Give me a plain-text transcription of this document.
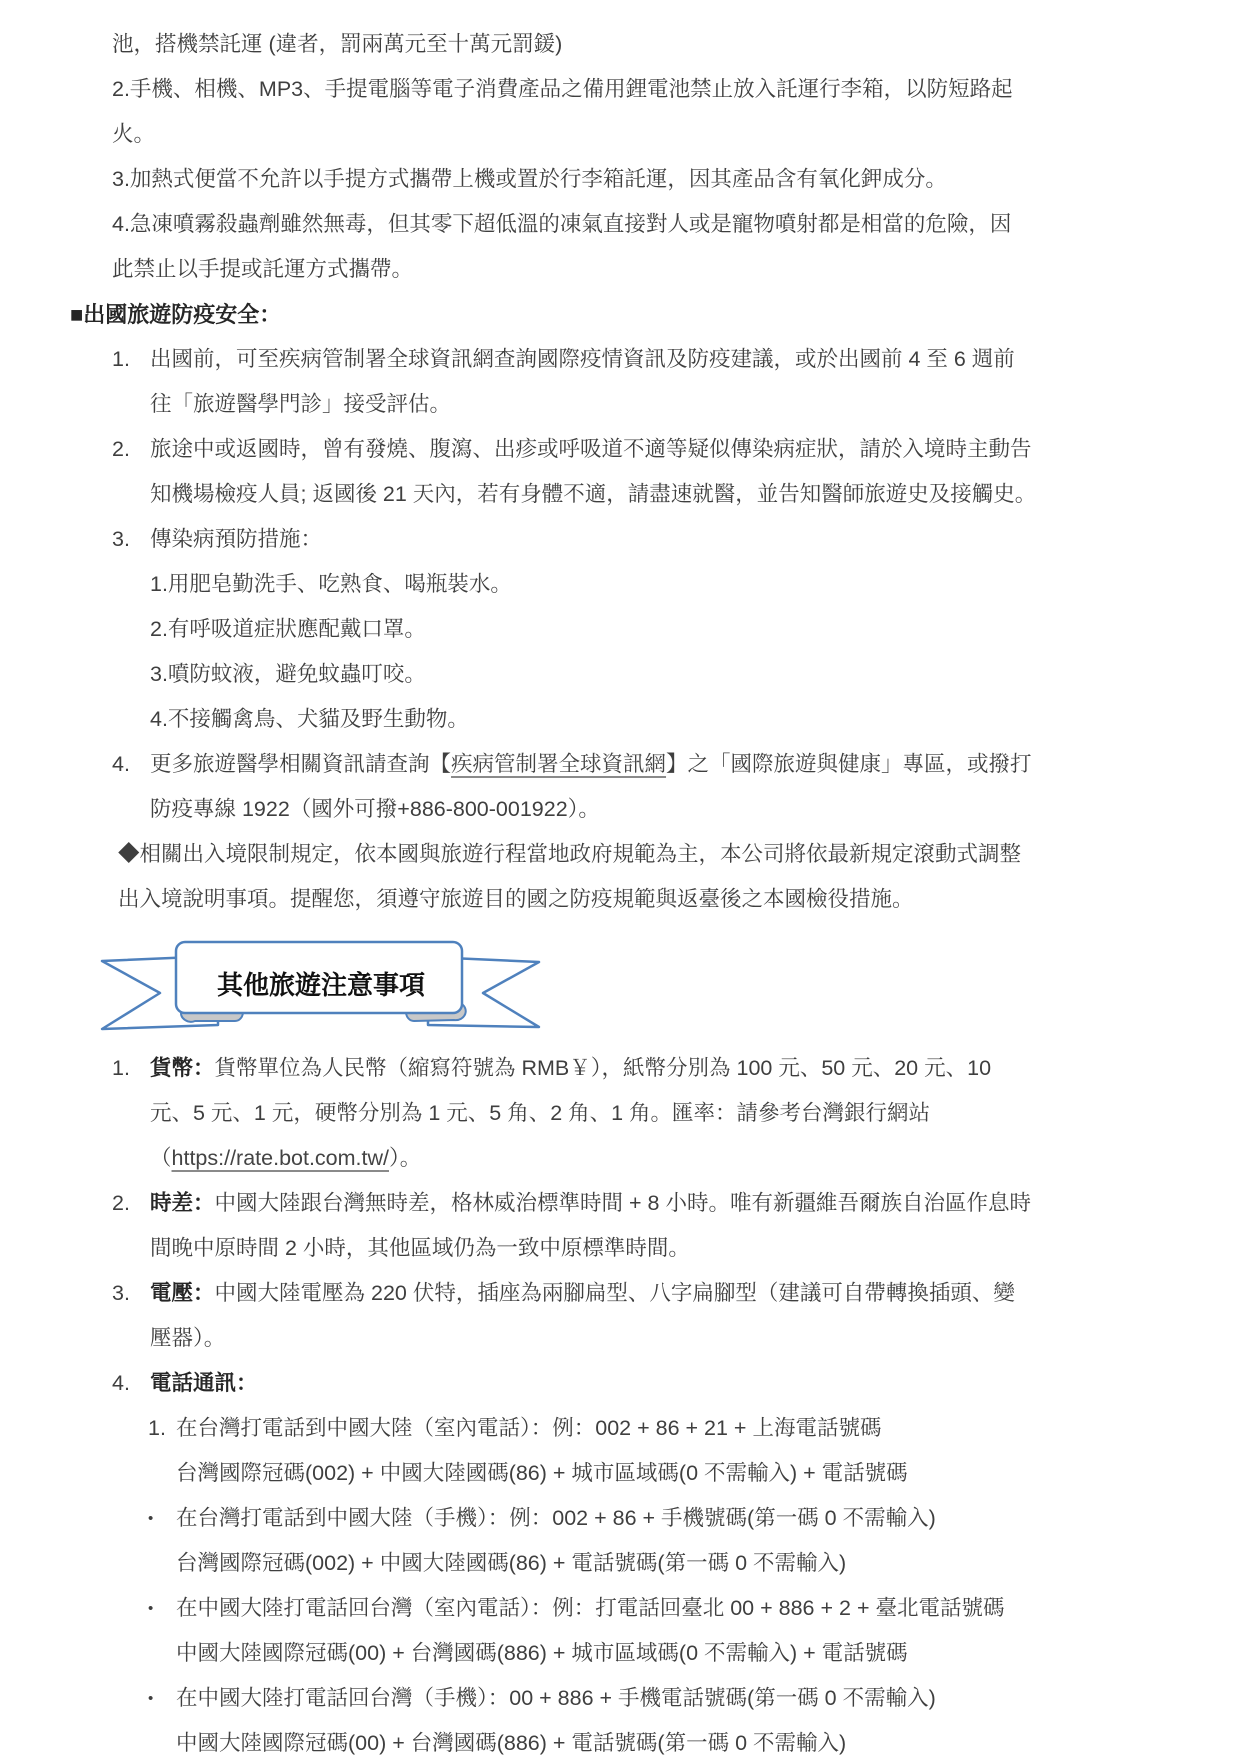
池，搭機禁託運 (違者，罰兩萬元至十萬元罰鍰)
2.手機、相機、MP3、手提電腦等電子消費產品之備用鋰電池禁止放入託運行李箱，以防短路起
火。
3.加熱式便當不允許以手提方式攜帶上機或置於行李箱託運，因其產品含有氧化鉀成分。
4.急凍噴霧殺蟲劑雖然無毒，但其零下超低溫的凍氣直接對人或是寵物噴射都是相當的危險，因
此禁止以手提或託運方式攜帶。
■出國旅遊防疫安全：
1. 出國前，可至疾病管制署全球資訊網查詢國際疫情資訊及防疫建議，或於出國前 4 至 6 週前
往「旅遊醫學門診」接受評估。
2. 旅途中或返國時，曾有發燒、腹瀉、出疹或呼吸道不適等疑似傳染病症狀，請於入境時主動告
知機場檢疫人員; 返國後 21 天內，若有身體不適，請盡速就醫，並告知醫師旅遊史及接觸史。
3. 傳染病預防措施：
1.用肥皂勤洗手、吃熟食、喝瓶裝水。
2.有呼吸道症狀應配戴口罩。
3.噴防蚊液，避免蚊蟲叮咬。
4.不接觸禽鳥、犬貓及野生動物。
4. 更多旅遊醫學相關資訊請查詢【疾病管制署全球資訊網】之「國際旅遊與健康」專區，或撥打
防疫專線 1922（國外可撥+886-800-001922）。
◆相關出入境限制規定，依本國與旅遊行程當地政府規範為主，本公司將依最新規定滾動式調整
出入境說明事項。提醒您，須遵守旅遊目的國之防疫規範與返臺後之本國檢役措施。
其他旅遊注意事項
1. 貨幣：貨幣單位為人民幣（縮寫符號為 RMB￥），紙幣分別為 100 元、50 元、20 元、10
元、5 元、1 元，硬幣分別為 1 元、5 角、2 角、1 角。匯率：請參考台灣銀行網站
（https://rate.bot.com.tw/）。
2. 時差：中國大陸跟台灣無時差，格林威治標準時間 + 8 小時。唯有新疆維吾爾族自治區作息時
間晚中原時間 2 小時，其他區域仍為一致中原標準時間。
3. 電壓：中國大陸電壓為 220 伏特，插座為兩腳扁型、八字扁腳型（建議可自帶轉換插頭、變
壓器）。
4. 電話通訊：
1. 在台灣打電話到中國大陸（室內電話）：例：002 + 86 + 21 + 上海電話號碼
台灣國際冠碼(002) + 中國大陸國碼(86) + 城市區域碼(0 不需輸入) + 電話號碼
•	在台灣打電話到中國大陸（手機）：例：002 + 86 + 手機號碼(第一碼 0 不需輸入)
台灣國際冠碼(002) + 中國大陸國碼(86) + 電話號碼(第一碼 0 不需輸入)
•	在中國大陸打電話回台灣（室內電話）：例：打電話回臺北 00 + 886 + 2 + 臺北電話號碼
中國大陸國際冠碼(00) + 台灣國碼(886) + 城市區域碼(0 不需輸入) + 電話號碼
•	在中國大陸打電話回台灣（手機）：00 + 886 + 手機電話號碼(第一碼 0 不需輸入)
中國大陸國際冠碼(00) + 台灣國碼(886) + 電話號碼(第一碼 0 不需輸入)
